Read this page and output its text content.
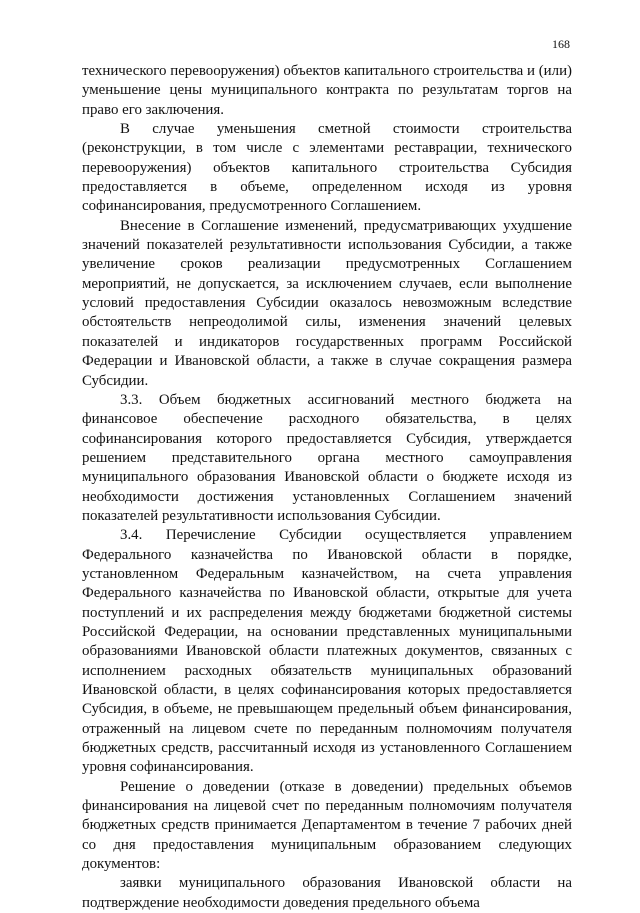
168

технического перевооружения) объектов капитального строительства и (или) уменьшение цены муниципального контракта по результатам торгов на право его заключения.

В случае уменьшения сметной стоимости строительства (реконструкции, в том числе с элементами реставрации, технического перевооружения) объектов капитального строительства Субсидия предоставляется в объеме, определенном исходя из уровня софинансирования, предусмотренного Соглашением.

Внесение в Соглашение изменений, предусматривающих ухудшение значений показателей результативности использования Субсидии, а также увеличение сроков реализации предусмотренных Соглашением мероприятий, не допускается, за исключением случаев, если выполнение условий предоставления Субсидии оказалось невозможным вследствие обстоятельств непреодолимой силы, изменения значений целевых показателей и индикаторов государственных программ Российской Федерации и Ивановской области, а также в случае сокращения размера Субсидии.

3.3. Объем бюджетных ассигнований местного бюджета на финансовое обеспечение расходного обязательства, в целях софинансирования которого предоставляется Субсидия, утверждается решением представительного органа местного самоуправления муниципального образования Ивановской области о бюджете исходя из необходимости достижения установленных Соглашением значений показателей результативности использования Субсидии.

3.4. Перечисление Субсидии осуществляется управлением Федерального казначейства по Ивановской области в порядке, установленном Федеральным казначейством, на счета управления Федерального казначейства по Ивановской области, открытые для учета поступлений и их распределения между бюджетами бюджетной системы Российской Федерации, на основании представленных муниципальными образованиями Ивановской области платежных документов, связанных с исполнением расходных обязательств муниципальных образований Ивановской области, в целях софинансирования которых предоставляется Субсидия, в объеме, не превышающем предельный объем финансирования, отраженный на лицевом счете по переданным полномочиям получателя бюджетных средств, рассчитанный исходя из установленного Соглашением уровня софинансирования.

Решение о доведении (отказе в доведении) предельных объемов финансирования на лицевой счет по переданным полномочиям получателя бюджетных средств принимается Департаментом в течение 7 рабочих дней со дня предоставления муниципальным образованием следующих документов:

заявки муниципального образования Ивановской области на подтверждение необходимости доведения предельного объема
